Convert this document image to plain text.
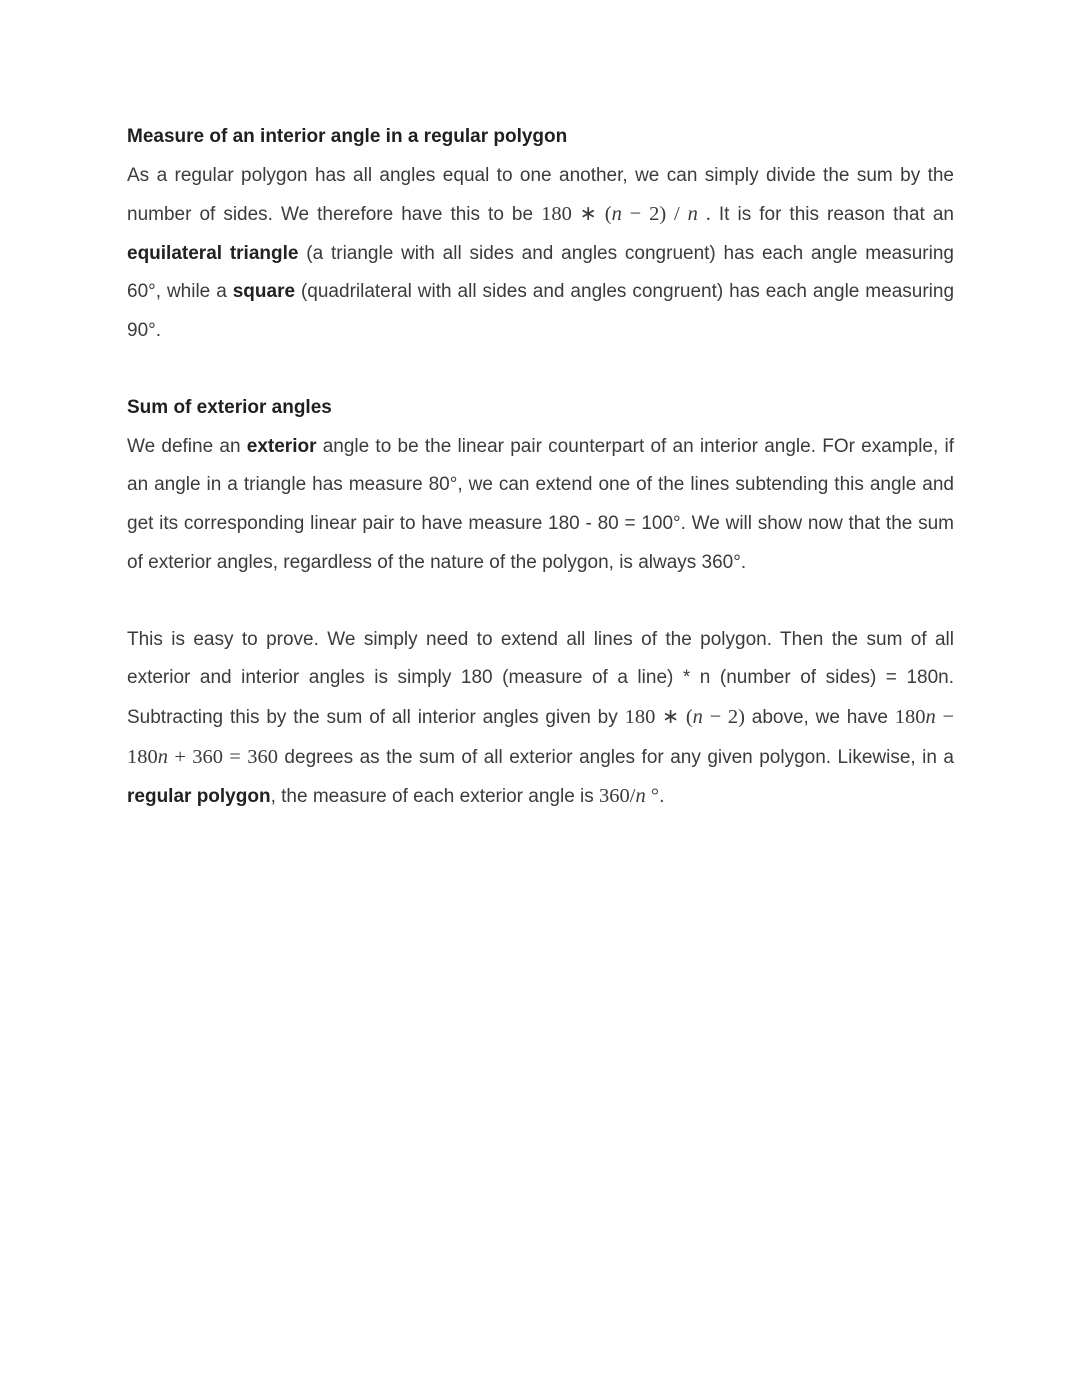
Measure of an interior angle in a regular polygon

As a regular polygon has all angles equal to one another, we can simply divide the sum by the number of sides. We therefore have this to be 180 ∗ (n − 2) / n . It is for this reason that an equilateral triangle (a triangle with all sides and angles congruent) has each angle measuring 60°, while a square (quadrilateral with all sides and angles congruent) has each angle measuring 90°.

Sum of exterior angles

We define an exterior angle to be the linear pair counterpart of an interior angle. FOr example, if an angle in a triangle has measure 80°, we can extend one of the lines subtending this angle and get its corresponding linear pair to have measure 180 - 80 = 100°. We will show now that the sum of exterior angles, regardless of the nature of the polygon, is always 360°.

This is easy to prove. We simply need to extend all lines of the polygon. Then the sum of all exterior and interior angles is simply 180 (measure of a line) * n (number of sides) = 180n. Subtracting this by the sum of all interior angles given by 180 ∗ (n − 2) above, we have 180n − 180n + 360 = 360 degrees as the sum of all exterior angles for any given polygon. Likewise, in a regular polygon, the measure of each exterior angle is 360/n °.
